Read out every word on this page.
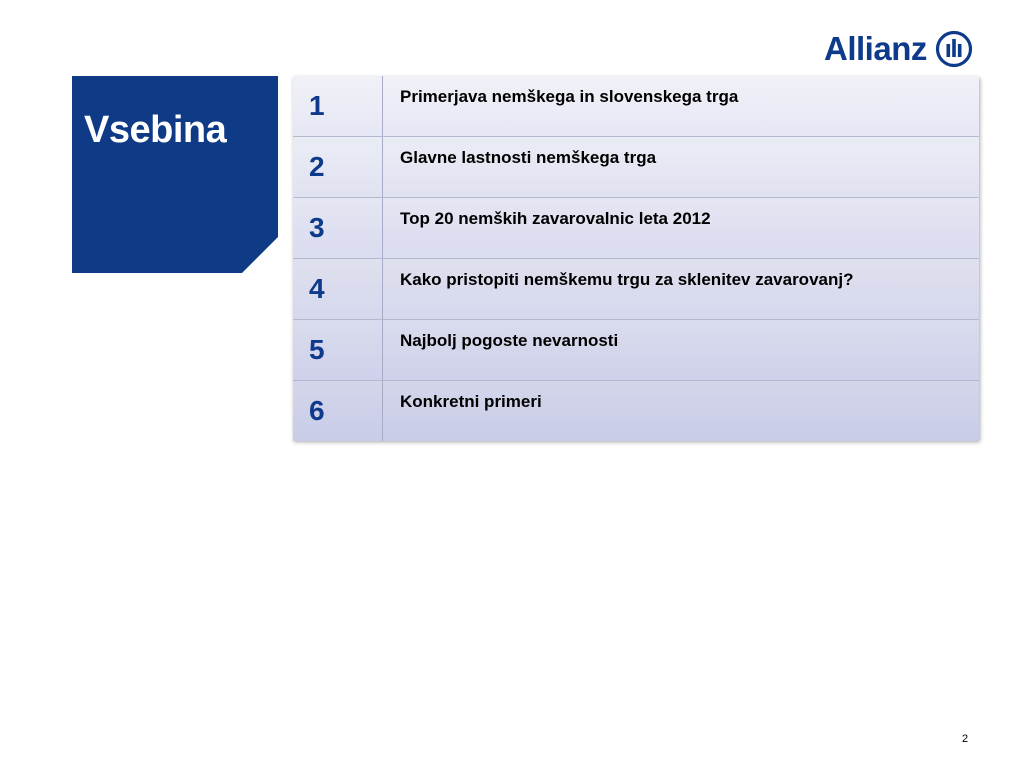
Allianz
Vsebina
1	Primerjava nemškega in slovenskega trga
2	Glavne lastnosti nemškega trga
3	Top 20 nemških zavarovalnic leta 2012
4	Kako pristopiti nemškemu trgu za sklenitev zavarovanj?
5	Najbolj pogoste nevarnosti
6	Konkretni primeri
2
